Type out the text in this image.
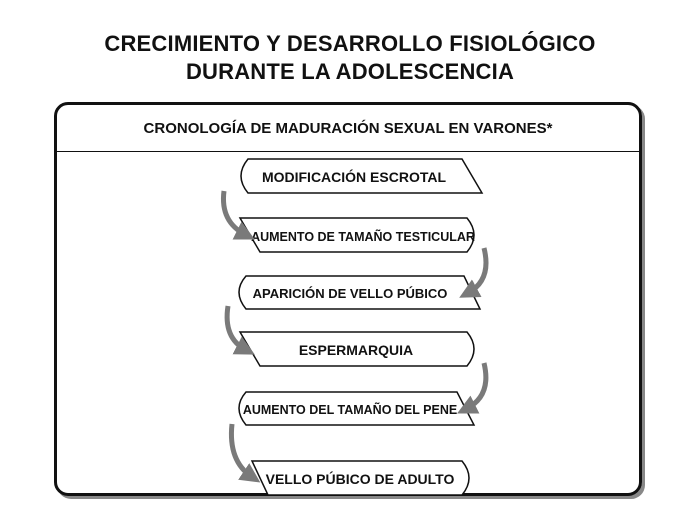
CRECIMIENTO Y DESARROLLO FISIOLÓGICO
DURANTE LA ADOLESCENCIA
CRONOLOGÍA DE MADURACIÓN SEXUAL EN VARONES*
MODIFICACIÓN ESCROTAL
AUMENTO DE TAMAÑO TESTICULAR
APARICIÓN DE VELLO PÚBICO
ESPERMARQUIA
AUMENTO DEL TAMAÑO DEL PENE
VELLO PÚBICO DE ADULTO
